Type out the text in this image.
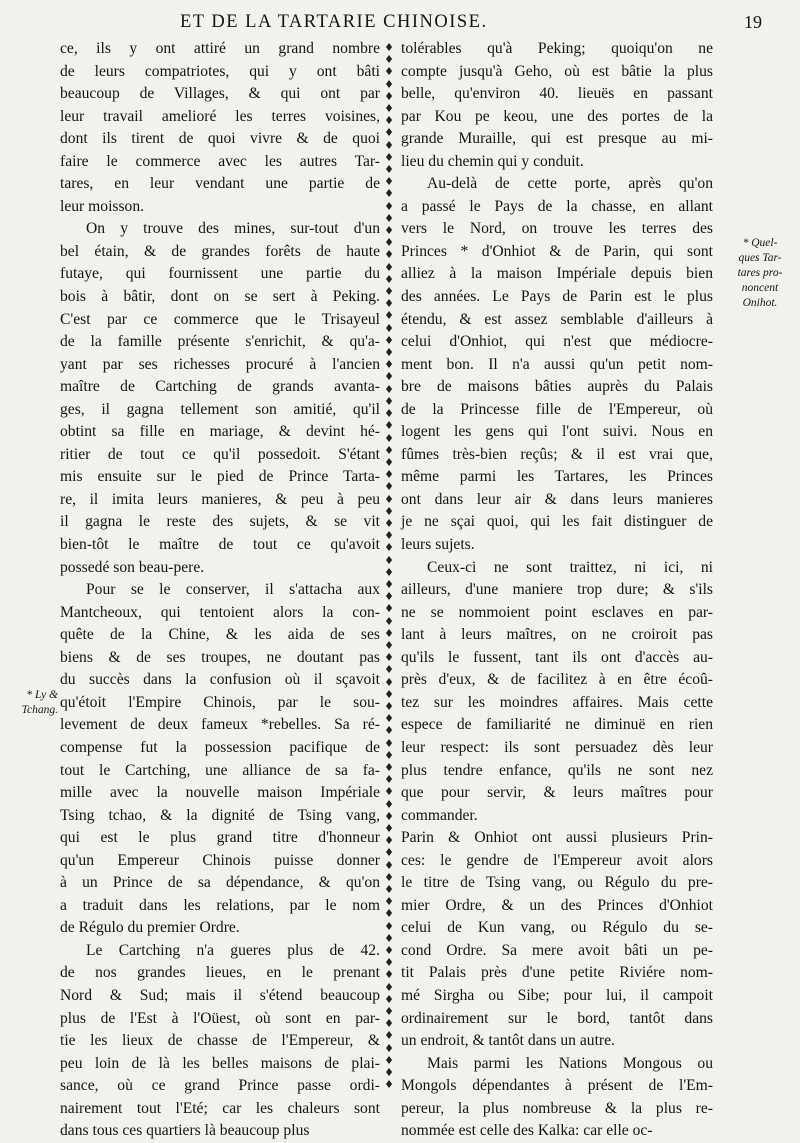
ET DE LA TARTARIE CHINOISE.	19
ce, ils y ont attiré un grand nombre
de leurs compatriotes, qui y ont bâti
beaucoup de Villages, & qui ont par
leur travail amelioré les terres voisines,
dont ils tirent de quoi vivre & de quoi
faire le commerce avec les autres Tar-
tares, en leur vendant une partie de
leur moisson.
On y trouve des mines, sur-tout d'un
bel étain, & de grandes forêts de haute
futaye, qui fournissent une partie du
bois à bâtir, dont on se sert à Peking.
C'est par ce commerce que le Trisayeul
de la famille présente s'enrichit, & qu'a-
yant par ses richesses procuré à l'ancien
maître de Cartching de grands avanta-
ges, il gagna tellement son amitié, qu'il
obtint sa fille en mariage, & devint hé-
ritier de tout ce qu'il possedoit. S'étant
mis ensuite sur le pied de Prince Tarta-
re, il imita leurs manieres, & peu à peu
il gagna le reste des sujets, & se vit
bien-tôt le maître de tout ce qu'avoit
possedé son beau-pere.
Pour se le conserver, il s'attacha aux
Mantcheoux, qui tentoient alors la con-
quête de la Chine, & les aida de ses
biens & de ses troupes, ne doutant pas
du succès dans la confusion où il sçavoit
qu'étoit l'Empire Chinois, par le sou-
levement de deux fameux *rebelles. Sa ré-
compense fut la possession pacifique de
tout le Cartching, une alliance de sa fa-
mille avec la nouvelle maison Impériale
Tsing tchao, & la dignité de Tsing vang,
qui est le plus grand titre d'honneur
qu'un Empereur Chinois puisse donner
à un Prince de sa dépendance, & qu'on
a traduit dans les relations, par le nom
de Régulo du premier Ordre.
Le Cartching n'a gueres plus de 42.
de nos grandes lieues, en le prenant
Nord & Sud; mais il s'étend beaucoup
plus de l'Est à l'Oüest, où sont en par-
tie les lieux de chasse de l'Empereur, &
peu loin de là les belles maisons de plai-
sance, où ce grand Prince passe ordi-
nairement tout l'Eté; car les chaleurs sont
dans tous ces quartiers là beaucoup plus
♦
♦
♦
♦
♦
♦
♦
♦
♦
♦
♦
♦
♦
♦
♦
♦
♦
♦
♦
♦
♦
♦
♦
♦
♦
♦
♦
♦
♦
♦
♦
♦
♦
♦
♦
♦
♦
♦
♦
♦
♦
♦
♦
♦
♦
♦
♦
♦
♦
♦
♦
♦
♦
♦
♦
♦
♦
♦
♦
♦
♦
♦
♦
♦
♦
♦
♦
♦
♦
♦
♦
♦
♦
♦
♦
♦
♦
♦
♦
♦
♦
♦
♦
♦
♦
♦

tolérables qu'à Peking; quoiqu'on ne
compte jusqu'à Geho, où est bâtie la plus
belle, qu'environ 40. lieuës en passant
par Kou pe keou, une des portes de la
grande Muraille, qui est presque au mi-
lieu du chemin qui y conduit.
Au-delà de cette porte, après qu'on
a passé le Pays de la chasse, en allant
vers le Nord, on trouve les terres des
Princes * d'Onhiot & de Parin, qui sont
alliez à la maison Impériale depuis bien
des années. Le Pays de Parin est le plus
étendu, & est assez semblable d'ailleurs à
celui d'Onhiot, qui n'est que médiocre-
ment bon. Il n'a aussi qu'un petit nom-
bre de maisons bâties auprès du Palais
de la Princesse fille de l'Empereur, où
logent les gens qui l'ont suivi. Nous en
fûmes très-bien reçûs; & il est vrai que,
même parmi les Tartares, les Princes
ont dans leur air & dans leurs manieres
je ne sçai quoi, qui les fait distinguer de
leurs sujets.
Ceux-ci ne sont traittez, ni ici, ni
ailleurs, d'une maniere trop dure; & s'ils
ne se nommoient point esclaves en par-
lant à leurs maîtres, on ne croiroit pas
qu'ils le fussent, tant ils ont d'accès au-
près d'eux, & de facilitez à en être écoû-
tez sur les moindres affaires. Mais cette
espece de familiarité ne diminuë en rien
leur respect: ils sont persuadez dès leur
plus tendre enfance, qu'ils ne sont nez
que pour servir, & leurs maîtres pour
commander.
Parin & Onhiot ont aussi plusieurs Prin-
ces: le gendre de l'Empereur avoit alors
le titre de Tsing vang, ou Régulo du pre-
mier Ordre, & un des Princes d'Onhiot
celui de Kun vang, ou Régulo du se-
cond Ordre. Sa mere avoit bâti un pe-
tit Palais près d'une petite Riviére nom-
mé Sirgha ou Sibe; pour lui, il campoit
ordinairement sur le bord, tantôt dans
un endroit, & tantôt dans un autre.
Mais parmi les Nations Mongous ou
Mongols dépendantes à présent de l'Em-
pereur, la plus nombreuse & la plus re-
nommée est celle des Kalka: car elle oc-
* Ly &
Tchang.
* Quel-
ques Tar-
tares pro-
noncent
Onihot.
